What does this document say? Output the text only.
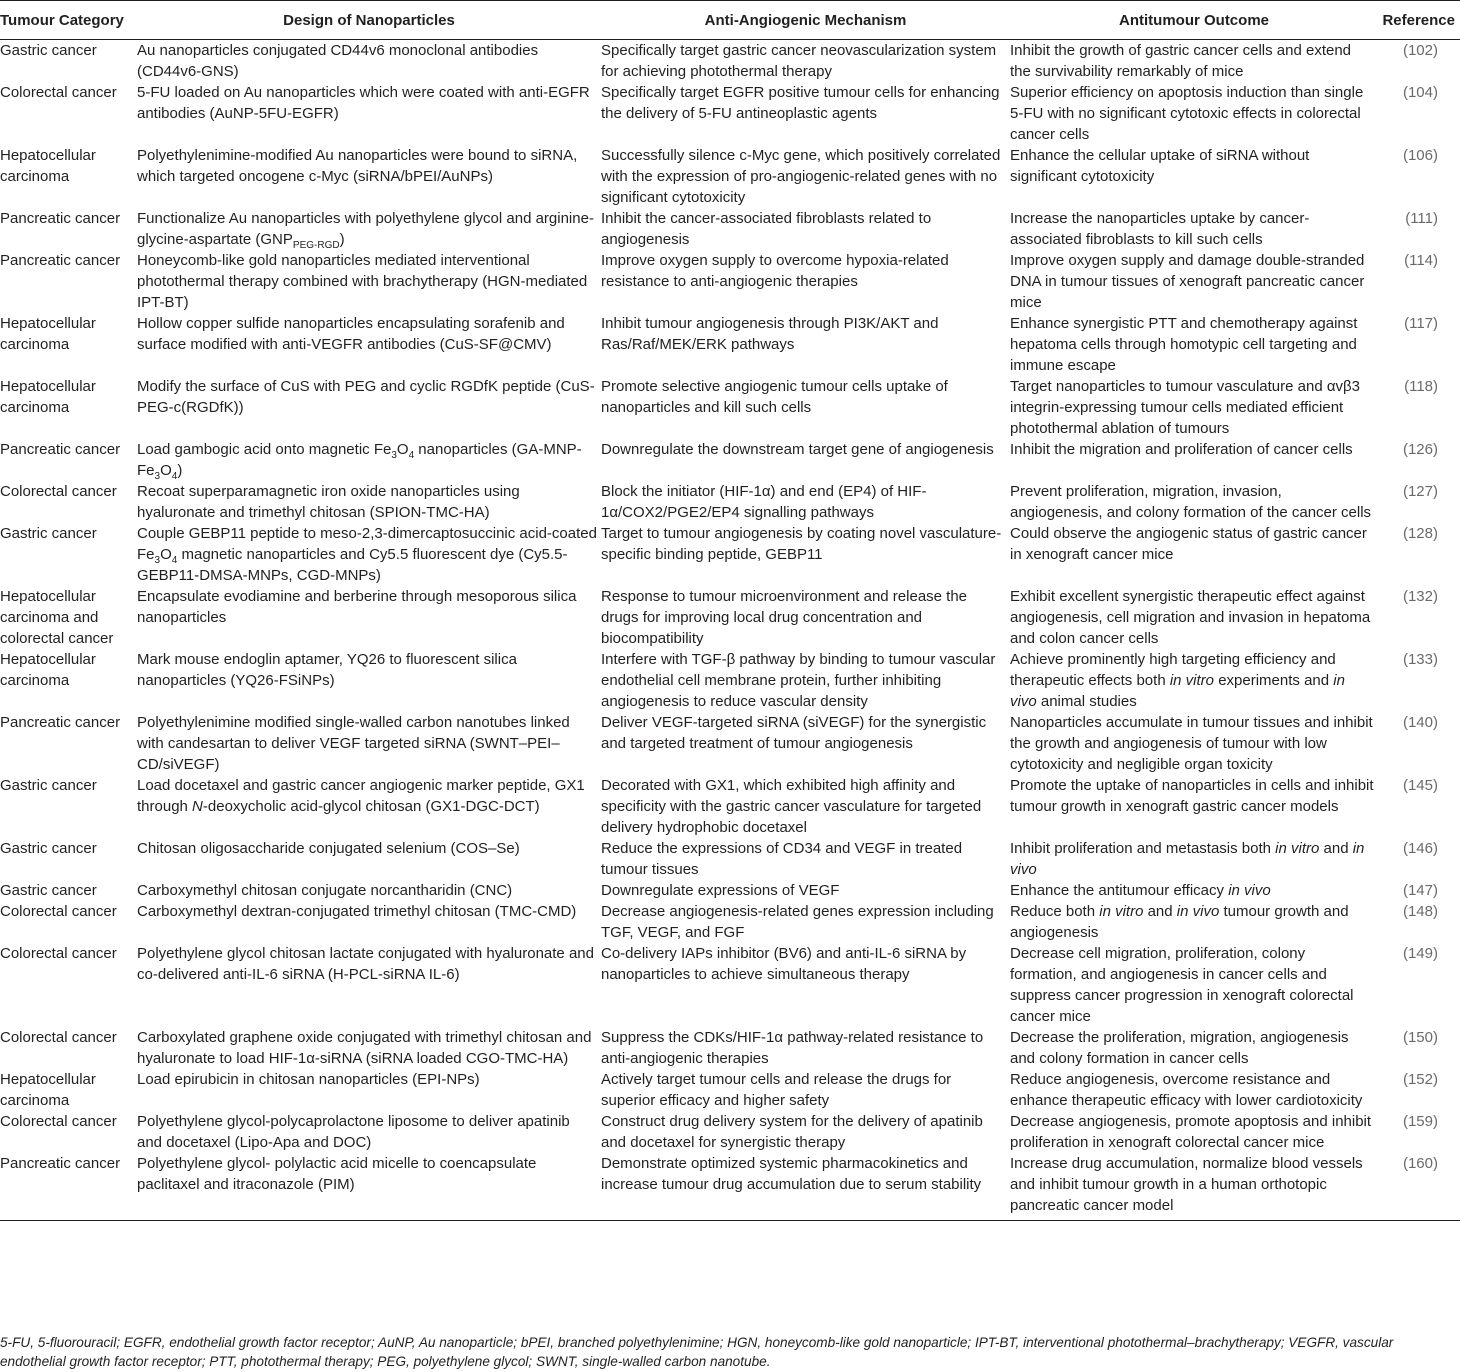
Tumour Category	Design of Nanoparticles	Anti-Angiogenic Mechanism	Antitumour Outcome	Reference
Gastric cancer	Au nanoparticles conjugated CD44v6 monoclonal antibodies (CD44v6-GNS)	Specifically target gastric cancer neovascularization system for achieving photothermal therapy	Inhibit the growth of gastric cancer cells and extend the survivability remarkably of mice	(102)
Colorectal cancer	5-FU loaded on Au nanoparticles which were coated with anti-EGFR antibodies (AuNP-5FU-EGFR)	Specifically target EGFR positive tumour cells for enhancing the delivery of 5-FU antineoplastic agents	Superior efficiency on apoptosis induction than single 5-FU with no significant cytotoxic effects in colorectal cancer cells	(104)
Hepatocellular carcinoma	Polyethylenimine-modified Au nanoparticles were bound to siRNA, which targeted oncogene c-Myc (siRNA/bPEI/AuNPs)	Successfully silence c-Myc gene, which positively correlated with the expression of pro-angiogenic-related genes with no significant cytotoxicity	Enhance the cellular uptake of siRNA without significant cytotoxicity	(106)
Pancreatic cancer	Functionalize Au nanoparticles with polyethylene glycol and arginine-glycine-aspartate $(GNP_{PEG-RGD})$	Inhibit the cancer-associated fibroblasts related to angiogenesis	Increase the nanoparticles uptake by cancer-associated fibroblasts to kill such cells	(111)
Pancreatic cancer	Honeycomb-like gold nanoparticles mediated interventional photothermal therapy combined with brachytherapy (HGN-mediated IPT-BT)	Improve oxygen supply to overcome hypoxia-related resistance to anti-angiogenic therapies	Improve oxygen supply and damage double-stranded DNA in tumour tissues of xenograft pancreatic cancer mice	(114)
Hepatocellular carcinoma	Hollow copper sulfide nanoparticles encapsulating sorafenib and surface modified with anti-VEGFR antibodies (CuS-SF@CMV)	Inhibit tumour angiogenesis through PI3K/AKT and Ras/Raf/MEK/ERK pathways	Enhance synergistic PTT and chemotherapy against hepatoma cells through homotypic cell targeting and immune escape	(117)
Hepatocellular carcinoma	Modify the surface of CuS with PEG and cyclic RGDfK peptide (CuS-PEG-c(RGDfK))	Promote selective angiogenic tumour cells uptake of nanoparticles and kill such cells	Target nanoparticles to tumour vasculature and αvβ3 integrin-expressing tumour cells mediated efficient photothermal ablation of tumours	(118)
Pancreatic cancer	Load gambogic acid onto magnetic $Fe_3O_4$ nanoparticles (GA-MNP- $Fe_3O_4$)	Downregulate the downstream target gene of angiogenesis	Inhibit the migration and proliferation of cancer cells	(126)
Colorectal cancer	Recoat superparamagnetic iron oxide nanoparticles using hyaluronate and trimethyl chitosan (SPION-TMC-HA)	Block the initiator (HIF-1α) and end (EP4) of HIF-1α/COX2/PGE2/EP4 signalling pathways	Prevent proliferation, migration, invasion, angiogenesis, and colony formation of the cancer cells	(127)
Gastric cancer	Couple GEBP11 peptide to meso-2,3-dimercaptosuccinic acid-coated $Fe_3O_4$ magnetic nanoparticles and Cy5.5 fluorescent dye (Cy5.5-GEBP11-DMSA-MNPs, CGD-MNPs)	Target to tumour angiogenesis by coating novel vasculature-specific binding peptide, GEBP11	Could observe the angiogenic status of gastric cancer in xenograft cancer mice	(128)
Hepatocellular carcinoma and colorectal cancer	Encapsulate evodiamine and berberine through mesoporous silica nanoparticles	Response to tumour microenvironment and release the drugs for improving local drug concentration and biocompatibility	Exhibit excellent synergistic therapeutic effect against angiogenesis, cell migration and invasion in hepatoma and colon cancer cells	(132)
Hepatocellular carcinoma	Mark mouse endoglin aptamer, YQ26 to fluorescent silica nanoparticles (YQ26-FSiNPs)	Interfere with TGF-β pathway by binding to tumour vascular endothelial cell membrane protein, further inhibiting angiogenesis to reduce vascular density	Achieve prominently high targeting efficiency and therapeutic effects both in vitro experiments and in vivo animal studies	(133)
Pancreatic cancer	Polyethylenimine modified single-walled carbon nanotubes linked with candesartan to deliver VEGF targeted siRNA (SWNT–PEI–CD/siVEGF)	Deliver VEGF-targeted siRNA (siVEGF) for the synergistic and targeted treatment of tumour angiogenesis	Nanoparticles accumulate in tumour tissues and inhibit the growth and angiogenesis of tumour with low cytotoxicity and negligible organ toxicity	(140)
Gastric cancer	Load docetaxel and gastric cancer angiogenic marker peptide, GX1 through N-deoxycholic acid-glycol chitosan (GX1-DGC-DCT)	Decorated with GX1, which exhibited high affinity and specificity with the gastric cancer vasculature for targeted delivery hydrophobic docetaxel	Promote the uptake of nanoparticles in cells and inhibit tumour growth in xenograft gastric cancer models	(145)
Gastric cancer	Chitosan oligosaccharide conjugated selenium (COS–Se)	Reduce the expressions of CD34 and VEGF in treated tumour tissues	Inhibit proliferation and metastasis both in vitro and in vivo	(146)
Gastric cancer	Carboxymethyl chitosan conjugate norcantharidin (CNC)	Downregulate expressions of VEGF	Enhance the antitumour efficacy in vivo	(147)
Colorectal cancer	Carboxymethyl dextran-conjugated trimethyl chitosan (TMC-CMD)	Decrease angiogenesis-related genes expression including TGF, VEGF, and FGF	Reduce both in vitro and in vivo tumour growth and angiogenesis	(148)
Colorectal cancer	Polyethylene glycol chitosan lactate conjugated with hyaluronate and co-delivered anti-IL-6 siRNA (H-PCL-siRNA IL-6)	Co-delivery IAPs inhibitor (BV6) and anti-IL-6 siRNA by nanoparticles to achieve simultaneous therapy	Decrease cell migration, proliferation, colony formation, and angiogenesis in cancer cells and suppress cancer progression in xenograft colorectal cancer mice	(149)
Colorectal cancer	Carboxylated graphene oxide conjugated with trimethyl chitosan and hyaluronate to load HIF-1α-siRNA (siRNA loaded CGO-TMC-HA)	Suppress the CDKs/HIF-1α pathway-related resistance to anti-angiogenic therapies	Decrease the proliferation, migration, angiogenesis and colony formation in cancer cells	(150)
Hepatocellular carcinoma	Load epirubicin in chitosan nanoparticles (EPI-NPs)	Actively target tumour cells and release the drugs for superior efficacy and higher safety	Reduce angiogenesis, overcome resistance and enhance therapeutic efficacy with lower cardiotoxicity	(152)
Colorectal cancer	Polyethylene glycol-polycaprolactone liposome to deliver apatinib and docetaxel (Lipo-Apa and DOC)	Construct drug delivery system for the delivery of apatinib and docetaxel for synergistic therapy	Decrease angiogenesis, promote apoptosis and inhibit proliferation in xenograft colorectal cancer mice	(159)
Pancreatic cancer	Polyethylene glycol- polylactic acid micelle to coencapsulate paclitaxel and itraconazole (PIM)	Demonstrate optimized systemic pharmacokinetics and increase tumour drug accumulation due to serum stability	Increase drug accumulation, normalize blood vessels and inhibit tumour growth in a human orthotopic pancreatic cancer model	(160)
5-FU, 5-fluorouracil; EGFR, endothelial growth factor receptor; AuNP, Au nanoparticle; bPEI, branched polyethylenimine; HGN, honeycomb-like gold nanoparticle; IPT-BT, interventional photothermal–brachytherapy; VEGFR, vascular endothelial growth factor receptor; PTT, photothermal therapy; PEG, polyethylene glycol; SWNT, single-walled carbon nanotube.
